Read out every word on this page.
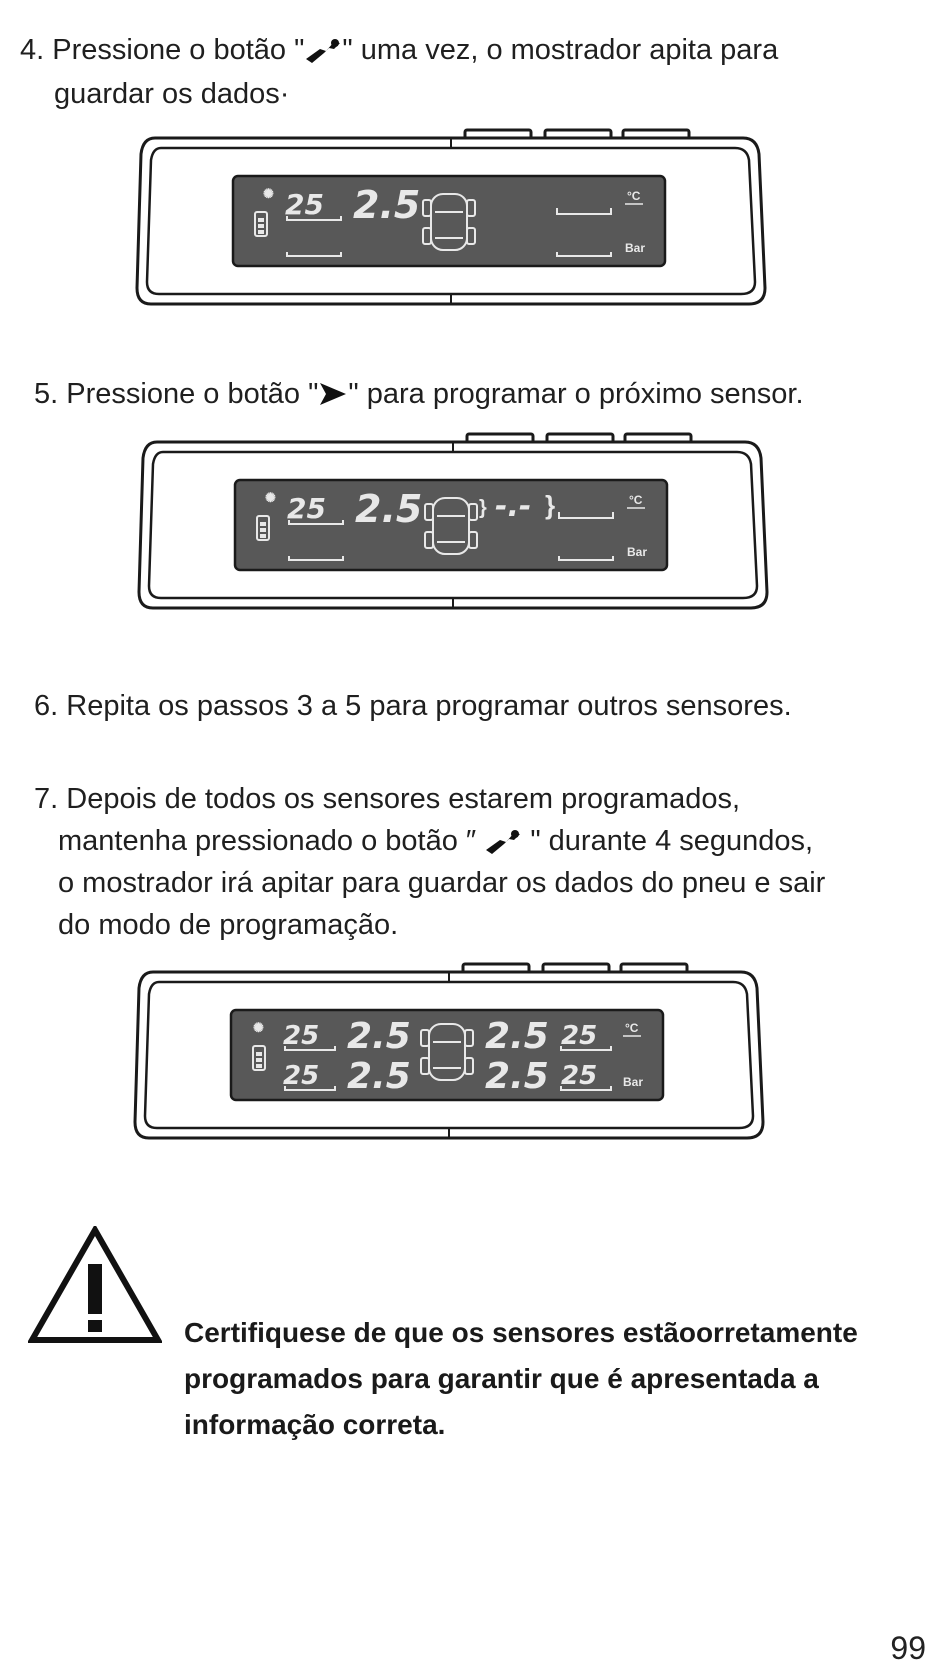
4. Pressione o botão " " uma vez, o mostrador apita para
guardar os dados·
✺ 25 2.5	°C
Bar
5. Pressione o botão " " para programar o próximo sensor.
✺ 25 2.5	} -.- }	°C
Bar
6. Repita os passos 3 a 5 para programar outros sensores.
7. Depois de todos os sensores estarem programados,
mantenha pressionado o botão ″ " durante 4 segundos,
o mostrador irá apitar para guardar os dados do pneu e sair
do modo de programação.
✺ 25 2.5
25 2.5
2.5 25
2.5 25
°C
Bar
Certifiquese de que os sensores estãoorretamente
programados para garantir que é apresentada a
informação correta.
99
